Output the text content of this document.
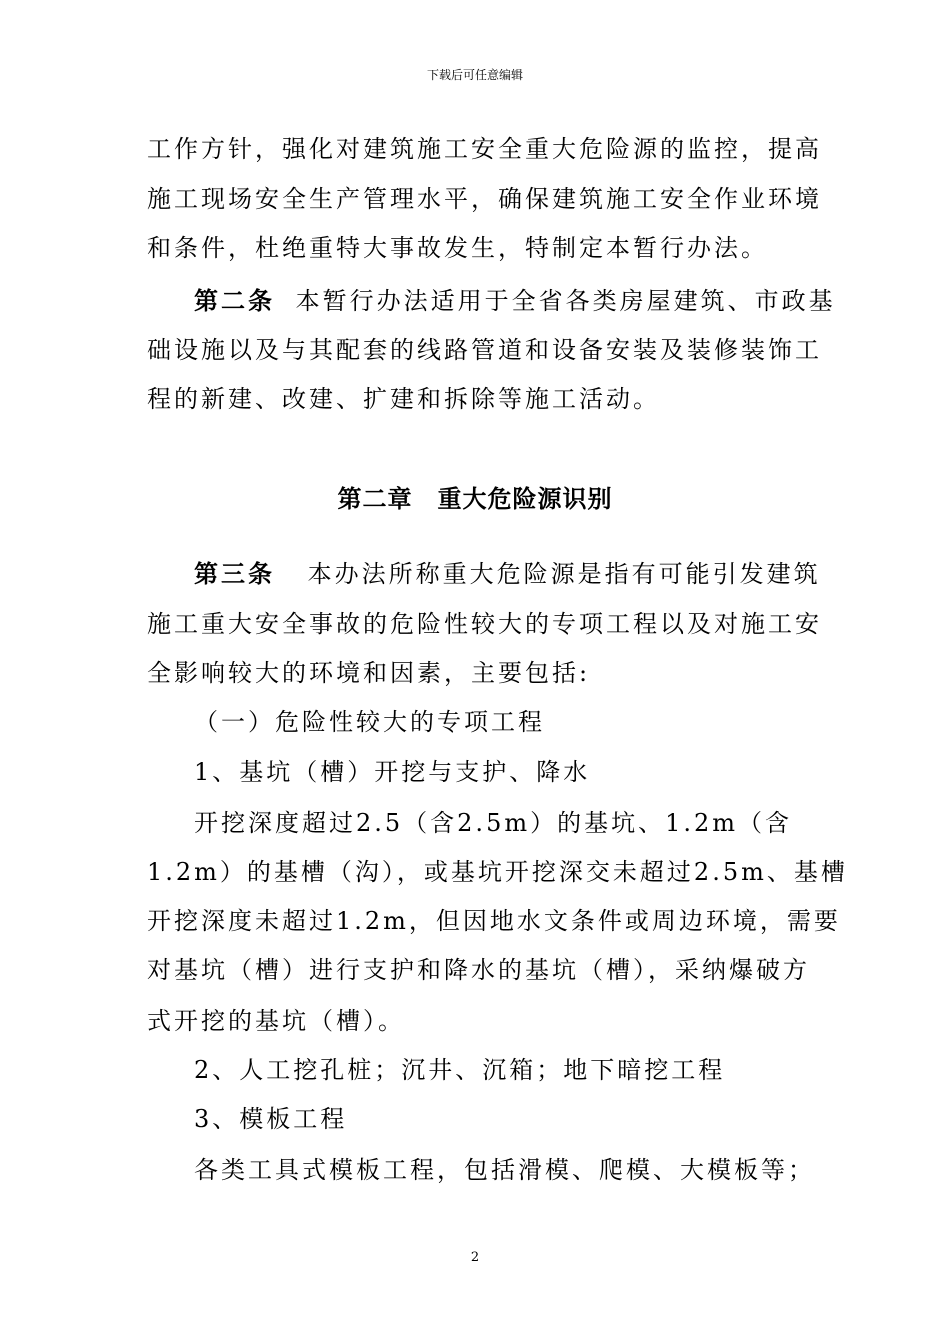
下载后可任意编辑
工作方针，强化对建筑施工安全重大危险源的监控，提高
施工现场安全生产管理水平，确保建筑施工安全作业环境
和条件，杜绝重特大事故发生，特制定本暂行办法。
第二条 本暂行办法适用于全省各类房屋建筑、市政基
础设施以及与其配套的线路管道和设备安装及装修装饰工
程的新建、改建、扩建和拆除等施工活动。
第二章　重大危险源识别
第三条 本办法所称重大危险源是指有可能引发建筑
施工重大安全事故的危险性较大的专项工程以及对施工安
全影响较大的环境和因素，主要包括:
（一）危险性较大的专项工程
1、基坑（槽）开挖与支护、降水
开挖深度超过2.5（含2.5m）的基坑、1.2m（含
1.2m）的基槽（沟），或基坑开挖深交未超过2.5m、基槽
开挖深度未超过1.2m，但因地水文条件或周边环境，需要
对基坑（槽）进行支护和降水的基坑（槽），采纳爆破方
式开挖的基坑（槽）。
2、人工挖孔桩；沉井、沉箱；地下暗挖工程
3、模板工程
各类工具式模板工程，包括滑模、爬模、大模板等；
2
